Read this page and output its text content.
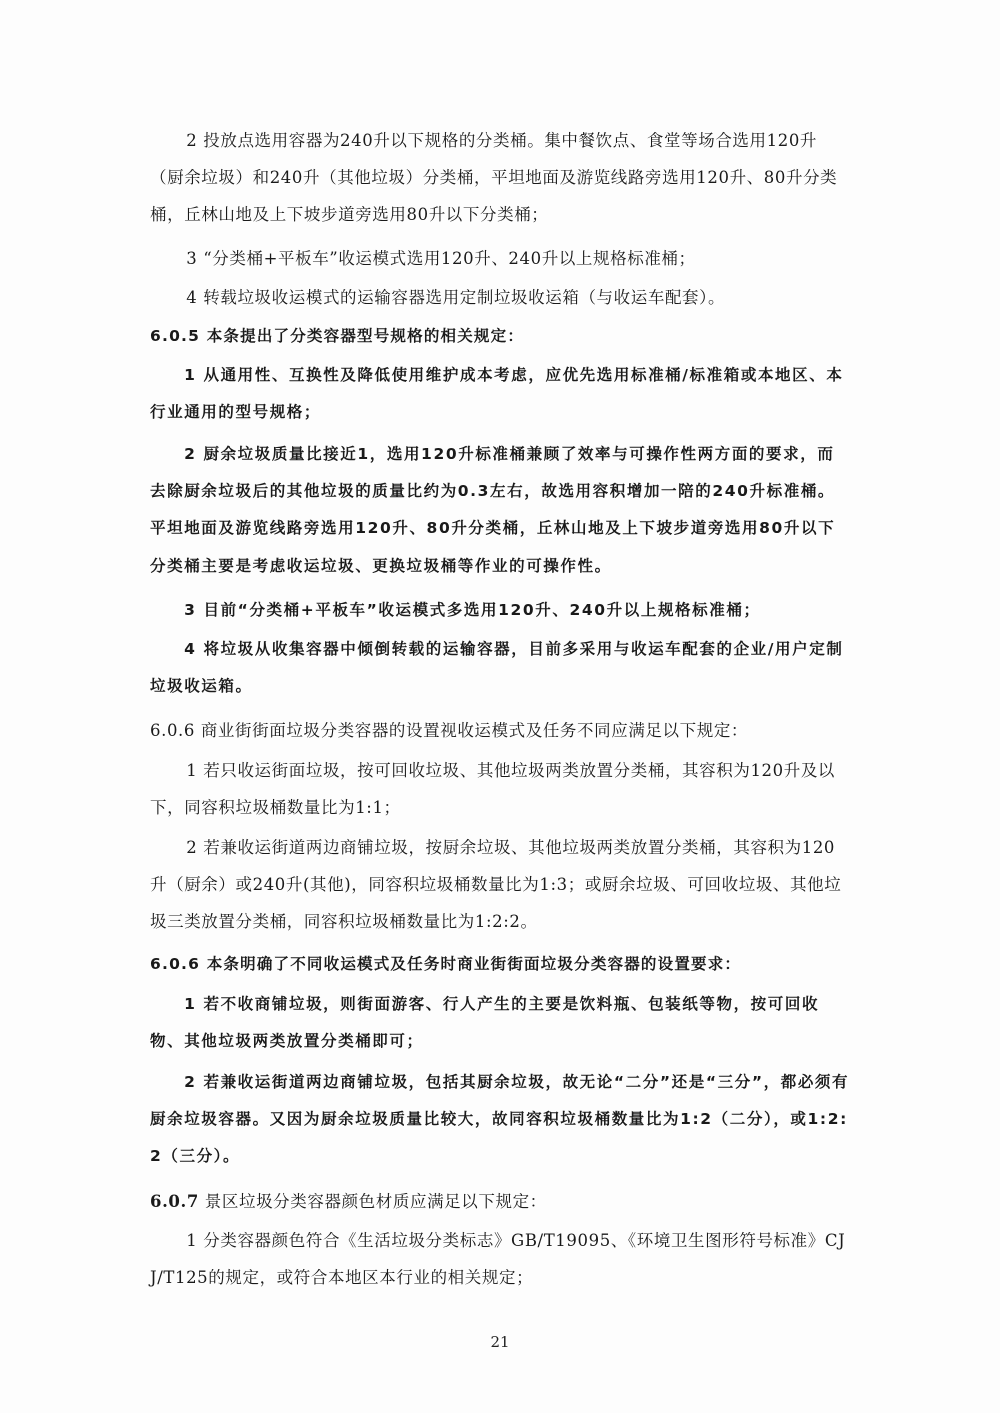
2 投放点选用容器为240升以下规格的分类桶。集中餐饮点、食堂等场合选用120升（厨余垃圾）和240升（其他垃圾）分类桶，平坦地面及游览线路旁选用120升、80升分类桶，丘林山地及上下坡步道旁选用80升以下分类桶；

3 “分类桶+平板车”收运模式选用120升、240升以上规格标准桶；

4 转载垃圾收运模式的运输容器选用定制垃圾收运箱（与收运车配套）。

6.0.5 本条提出了分类容器型号规格的相关规定：

1 从通用性、互换性及降低使用维护成本考虑，应优先选用标准桶/标准箱或本地区、本行业通用的型号规格；

2 厨余垃圾质量比接近1，选用120升标准桶兼顾了效率与可操作性两方面的要求，而去除厨余垃圾后的其他垃圾的质量比约为0.3左右，故选用容积增加一陪的240升标准桶。平坦地面及游览线路旁选用120升、80升分类桶，丘林山地及上下坡步道旁选用80升以下分类桶主要是考虑收运垃圾、更换垃圾桶等作业的可操作性。

3 目前“分类桶+平板车”收运模式多选用120升、240升以上规格标准桶；

4 将垃圾从收集容器中倾倒转载的运输容器，目前多采用与收运车配套的企业/用户定制垃圾收运箱。

6.0.6 商业街街面垃圾分类容器的设置视收运模式及任务不同应满足以下规定：

1 若只收运街面垃圾，按可回收垃圾、其他垃圾两类放置分类桶，其容积为120升及以下，同容积垃圾桶数量比为1:1；

2 若兼收运街道两边商铺垃圾，按厨余垃圾、其他垃圾两类放置分类桶，其容积为120升（厨余）或240升(其他)，同容积垃圾桶数量比为1:3；或厨余垃圾、可回收垃圾、其他垃圾三类放置分类桶，同容积垃圾桶数量比为1:2:2。

6.0.6 本条明确了不同收运模式及任务时商业街街面垃圾分类容器的设置要求：

1 若不收商铺垃圾，则街面游客、行人产生的主要是饮料瓶、包装纸等物，按可回收物、其他垃圾两类放置分类桶即可；

2 若兼收运街道两边商铺垃圾，包括其厨余垃圾，故无论“二分”还是“三分”，都必须有厨余垃圾容器。又因为厨余垃圾质量比较大，故同容积垃圾桶数量比为1:2（二分），或1:2:2（三分）。

6.0.7 景区垃圾分类容器颜色材质应满足以下规定：

1 分类容器颜色符合《生活垃圾分类标志》GB/T19095、《环境卫生图形符号标准》CJJ/T125的规定，或符合本地区本行业的相关规定；

21
